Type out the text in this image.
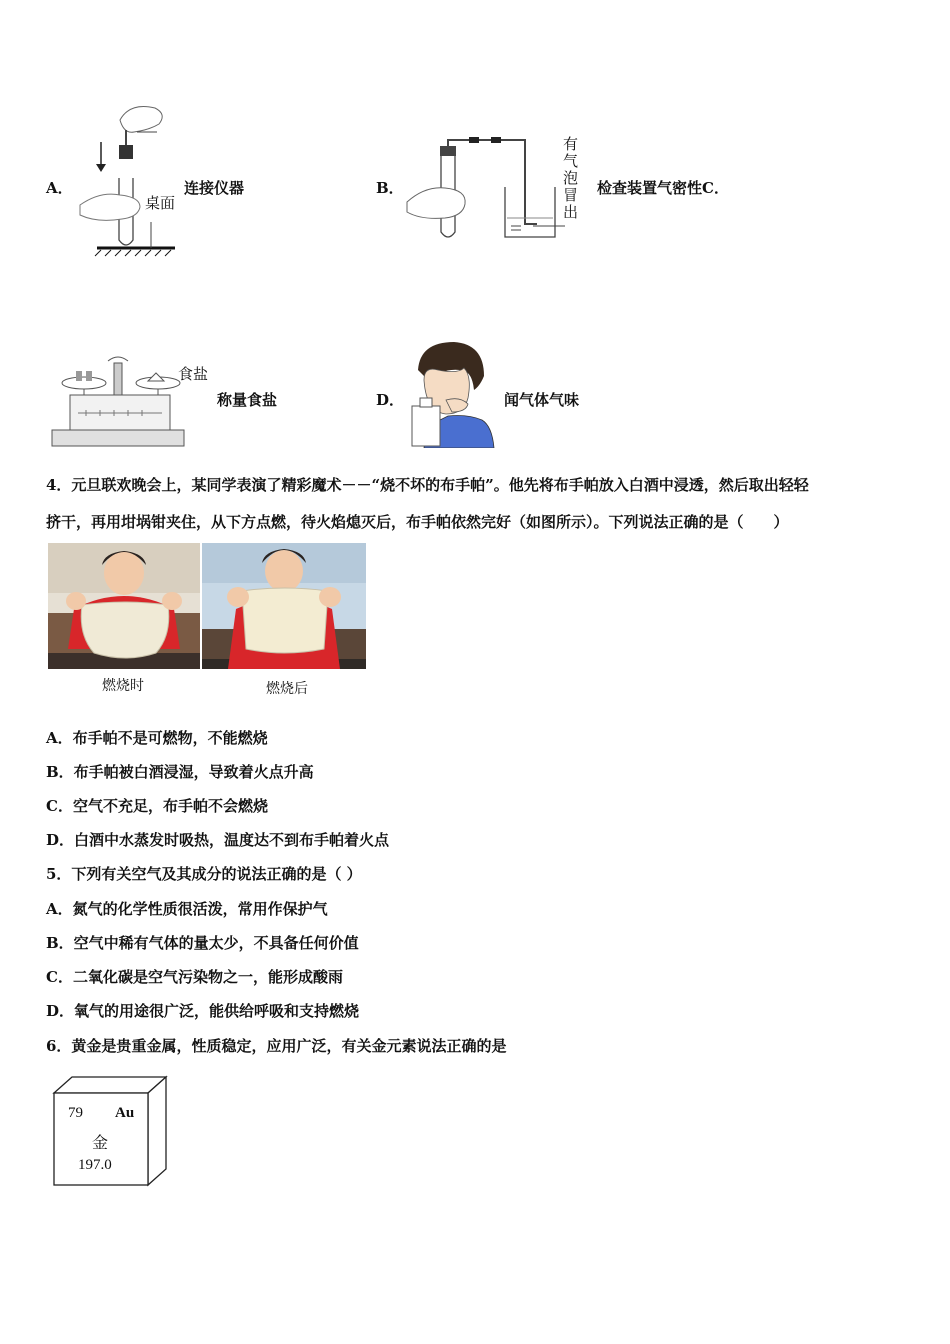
A．
桌面
连接仪器	B．	有气泡冒出 检查装置气密性C．
食盐
称量食盐	D．	闻气体气味
4．元旦联欢晚会上，某同学表演了精彩魔术－－“烧不坏的布手帕”。他先将布手帕放入白酒中浸透，然后取出轻轻
挤干，再用坩埚钳夹住，从下方点燃，待火焰熄灭后，布手帕依然完好（如图所示）。下列说法正确的是（　　）
燃烧时	燃烧后
A．布手帕不是可燃物，不能燃烧
B．布手帕被白酒浸湿，导致着火点升高
C．空气不充足，布手帕不会燃烧
D．白酒中水蒸发时吸热，温度达不到布手帕着火点
5．下列有关空气及其成分的说法正确的是（ ）
A．氮气的化学性质很活泼，常用作保护气
B．空气中稀有气体的量太少，不具备任何价值
C．二氧化碳是空气污染物之一，能形成酸雨
D．氧气的用途很广泛，能供给呼吸和支持燃烧
6．黄金是贵重金属，性质稳定，应用广泛，有关金元素说法正确的是
79 Au
金
197.0
